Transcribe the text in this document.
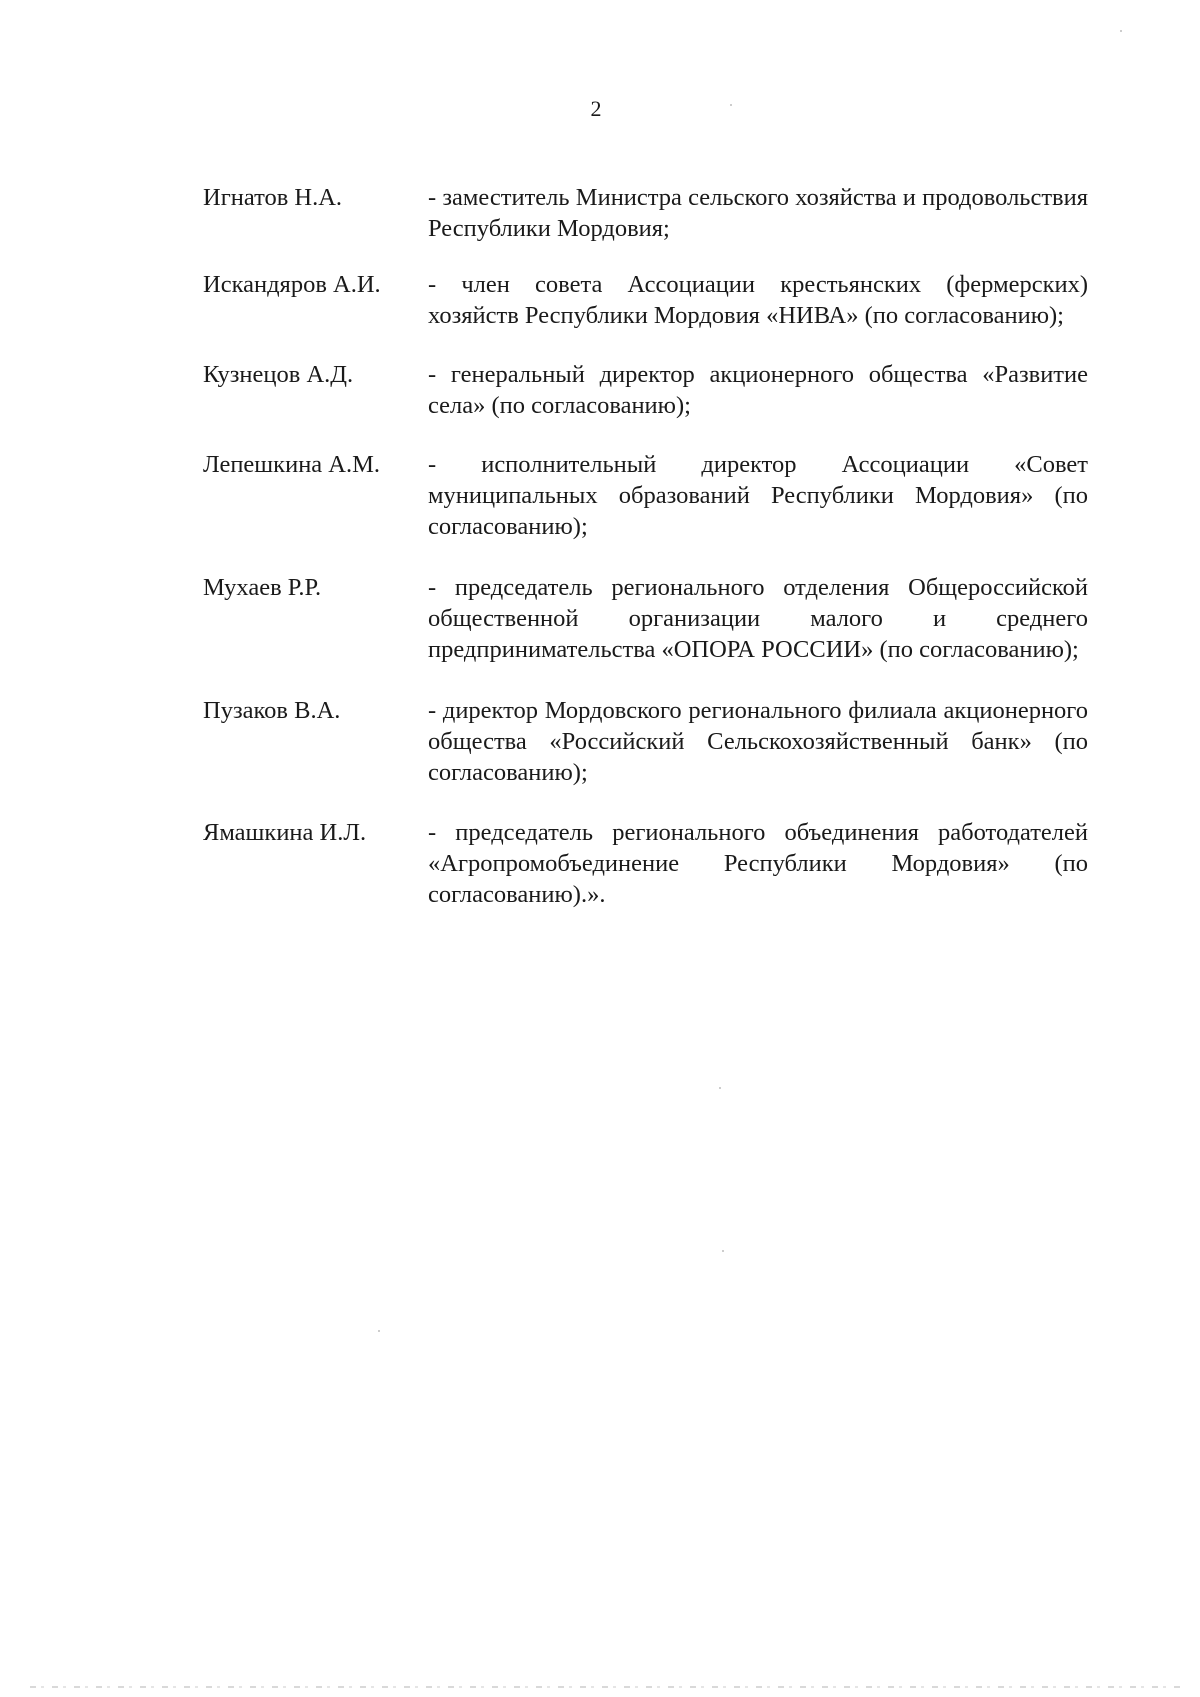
2
Игнатов Н.А.	- заместитель Министра сельского хозяйства и продовольствия Республики Мордовия;
Искандяров А.И.	- член совета Ассоциации крестьянских (фермерских) хозяйств Республики Мордовия «НИВА» (по согласованию);
Кузнецов А.Д.	- генеральный директор акционерного общества «Развитие села» (по согласованию);
Лепешкина А.М.	- исполнительный директор Ассоциации «Совет муниципальных образований Республики Мордовия» (по согласованию);
Мухаев Р.Р.	- председатель регионального отделения Общероссийской общественной организации малого и среднего предпринимательства «ОПОРА РОССИИ» (по согласованию);
Пузаков В.А.	- директор Мордовского регионального филиала акционерного общества «Российский Сельскохозяйственный банк» (по согласованию);
Ямашкина И.Л.	- председатель регионального объединения работодателей «Агропромобъединение Республики Мордовия» (по согласованию).».
